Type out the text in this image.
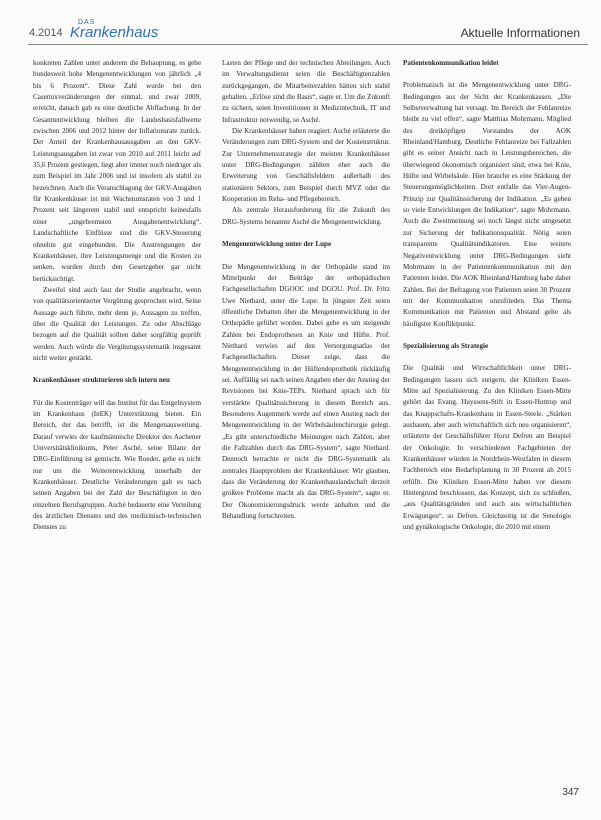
4.2014
DAS
Krankenhaus	Aktuelle Informationen

konkreten Zahlen unter anderem die Behauptung, es gebe bundesweit hohe Mengenentwicklungen von jährlich „4 bis 6 Prozent“. Diese Zahl wurde bei den Casemixveränderungen der einmal, und zwar 2009, erreicht, danach gab es eine deutliche Abflachung. In der Gesamtentwicklung bleiben die Landesbasisfallwerte zwischen 2006 und 2012 hinter der Inflationsrate zurück. Der Anteil der Krankenhausausgaben an den GKV-Leistungsausgaben ist zwar von 2010 auf 2011 leicht auf 35,6 Prozent gestiegen, liegt aber immer noch niedriger als zum Beispiel im Jahr 2006 und ist insofern als stabil zu bezeichnen. Auch die Veranschlagung der GKV-Ausgaben für Krankenhäuser ist mit Wachstumsraten von 3 und 1 Prozent seit längerem stabil und entspricht keinesfalls einer „ungebremsten Ausgabenentwicklung“. Landschaftliche Einflüsse sind die GKV-Steuerung ohnehin gut eingebunden. Die Anstrengungen der Krankenhäuser, ihre Leistungsmenge und die Kosten zu senken, wurden durch den Gesetzgeber gar nicht berücksichtigt.

Zweifel sind auch laut der Studie angebracht, wenn von qualitätsorientierter Vergütung gesprochen wird. Seine Aussage auch führte, mehr denn je, Aussagen zu treffen, über die Qualität der Leistungen. Zu oder Abschläge bezogen auf die Qualität sollten daher sorgfältig geprüft werden. Auch würde die Vergütungssystematik insgesamt nicht weiter gestärkt.

Krankenhäuser strukturieren sich intern neu

Für die Kostenträger will das Institut für das Entgeltsystem im Krankenhaus (InEK) Unterstützung bieten. Ein Bereich, der das betrifft, ist die Mengenausweitung. Darauf verwies der kaufmännische Direktor des Aachener Universitätsklinikums, Peter Asché, seine Bilanz der DRG-Einführung ist gemischt. Wie Roeder, gehe es nicht nur um die Weiterentwicklung innerhalb der Krankenhäuser. Deutliche Veränderungen gab es nach seinen Angaben bei der Zahl der Beschäftigten in den einzelnen Berufsgruppen. Asché bedauerte eine Verteilung des ärztlichen Dienstes und des medizinisch-technischen Dienstes zu

Lasten der Pflege und der technischen Abteilungen. Auch im Verwaltungsdienst seien die Beschäftigtenzahlen zurückgegangen, die Mitarbeiterzahlen hätten sich stabil gehalten. „Erlöse sind die Basis“, sagte er. Um die Zukunft zu sichern, seien Investitionen in Medizintechnik, IT und Infrastruktur notwendig, so Asché.

Die Krankenhäuser haben reagiert. Asché erläuterte die Veränderungen zum DRG-System und der Kostenstruktur. Zur Unternehmensstrategie der meisten Krankenhäuser unter DRG-Bedingungen zählten eher auch die Erweiterung von Geschäftsfeldern außerhalb des stationären Sektors, zum Beispiel durch MVZ oder die Kooperation im Reha- und Pflegebereich.

Als zentrale Herausforderung für die Zukunft des DRG-Systems benannte Asché die Mengenentwicklung.

Mengenentwicklung unter der Lupe

Die Mengenentwicklung in der Orthopädie stand im Mittelpunkt der Beiträge der orthopädischen Fachgesellschaften DGOOC und DGOU. Prof. Dr. Fritz Uwe Niethard, unter die Lupe: In jüngster Zeit seien öffentliche Debatten über die Mengenentwicklung in der Orthopädie geführt worden. Dabei gehe es um steigende Zahlen bei Endoprothesen an Knie und Hüfte. Prof. Niethard verwies auf den Versorgungsatlas der Fachgesellschaften. Dieser zeige, dass die Mengenentwicklung in der Hüftendoprothetik rückläufig sei. Auffällig sei nach seinen Angaben eher der Anstieg der Revisionen bei Knie-TEPs. Niethard sprach sich für verstärkte Qualitätssicherung in diesem Bereich aus. Besonderes Augenmerk werde auf einen Anstieg nach der Mengenentwicklung in der Wirbelsäulenchirurgie gelegt. „Es gibt unterschiedliche Meinungen nach Zahlen, aber die Fallzahlen durch das DRG-System“, sagte Niethard. Dennoch betrachte er nicht die DRG-Systematik als zentrales Hauptproblem der Krankenhäuser. Wir glauben, dass die Veränderung der Krankenhauslandschaft derzeit größere Probleme macht als das DRG-System“, sagte er. Der Ökonomisierungsdruck werde anhalten und die Behandlung fortschreiten.

Patientenkommunikation leidet

Problematisch ist die Mengenentwicklung unter DRG-Bedingungen aus der Sicht der Krankenkassen. „Die Selbstverwaltung hat versagt. Im Bereich der Fehlanreize bleibt zu viel offen“, sagte Matthias Mohrmann, Mitglied des dreiköpfigen Vorstandes der AOK Rheinland/Hamburg. Deutliche Fehlanreize bei Fallzahlen gibt es seiner Ansicht nach in Leistungsbereichen, die überwiegend ökonomisch organisiert sind, etwa bei Knie, Hüfte und Wirbelsäule. Hier brauche es eine Stärkung der Steuerungsmöglichkeiten. Dort entfalle das Vier-Augen-Prinzip zur Qualitätssicherung der Indikation. „Es gehen so viele Entwicklungen die Indikation“, sagte Mohrmann. Auch die Zweitmeinung sei noch längst nicht umgesetzt zur Sicherung der Indikationsqualität. Nötig seien transparente Qualitätsindikatoren. Eine weitere Negativentwicklung unter DRG-Bedingungen sieht Mohrmann in der Patientenkommunikation mit den Patienten leidet. Die AOK Rheinland/Hamburg habe daher Zahlen. Bei der Befragung von Patienten seien 30 Prozent mit der Kommunikation unzufrieden. Das Thema Kommunikation mit Patienten und Abstand gelte als häufigster Konfliktpunkt.

Spezialisierung als Strategie

Die Qualität und Wirtschaftlichkeit unter DRG-Bedingungen lassen sich steigern, der Kliniken Essen-Mitte auf Spezialisierung. Zu den Kliniken Essen-Mitte gehört das Evang. Huyssens-Stift in Essen-Huttrop und das Knappschafts-Krankenhaus in Essen-Steele. „Stärken ausbauen, aber auch wirtschaftlich sich neu organisieren“, erläuterte der Geschäftsführer Horst Defren am Beispiel der Onkologie. In verschiedenen Fachgebieten der Krankenhäuser würden in Nordrhein-Westfalen in diesem Fachbereich eine Bedarfsplanung in 30 Prozent ab 2015 erfüllt. Die Kliniken Essen-Mitte haben vor diesem Hintergrund beschlossen, das Konzept, sich zu schließen, „aus Qualitätsgründen und auch aus wirtschaftlichen Erwägungen“, so Defren. Gleichzeitig ist die Senologie und gynäkologische Onkologie, die 2010 mit einem

347
